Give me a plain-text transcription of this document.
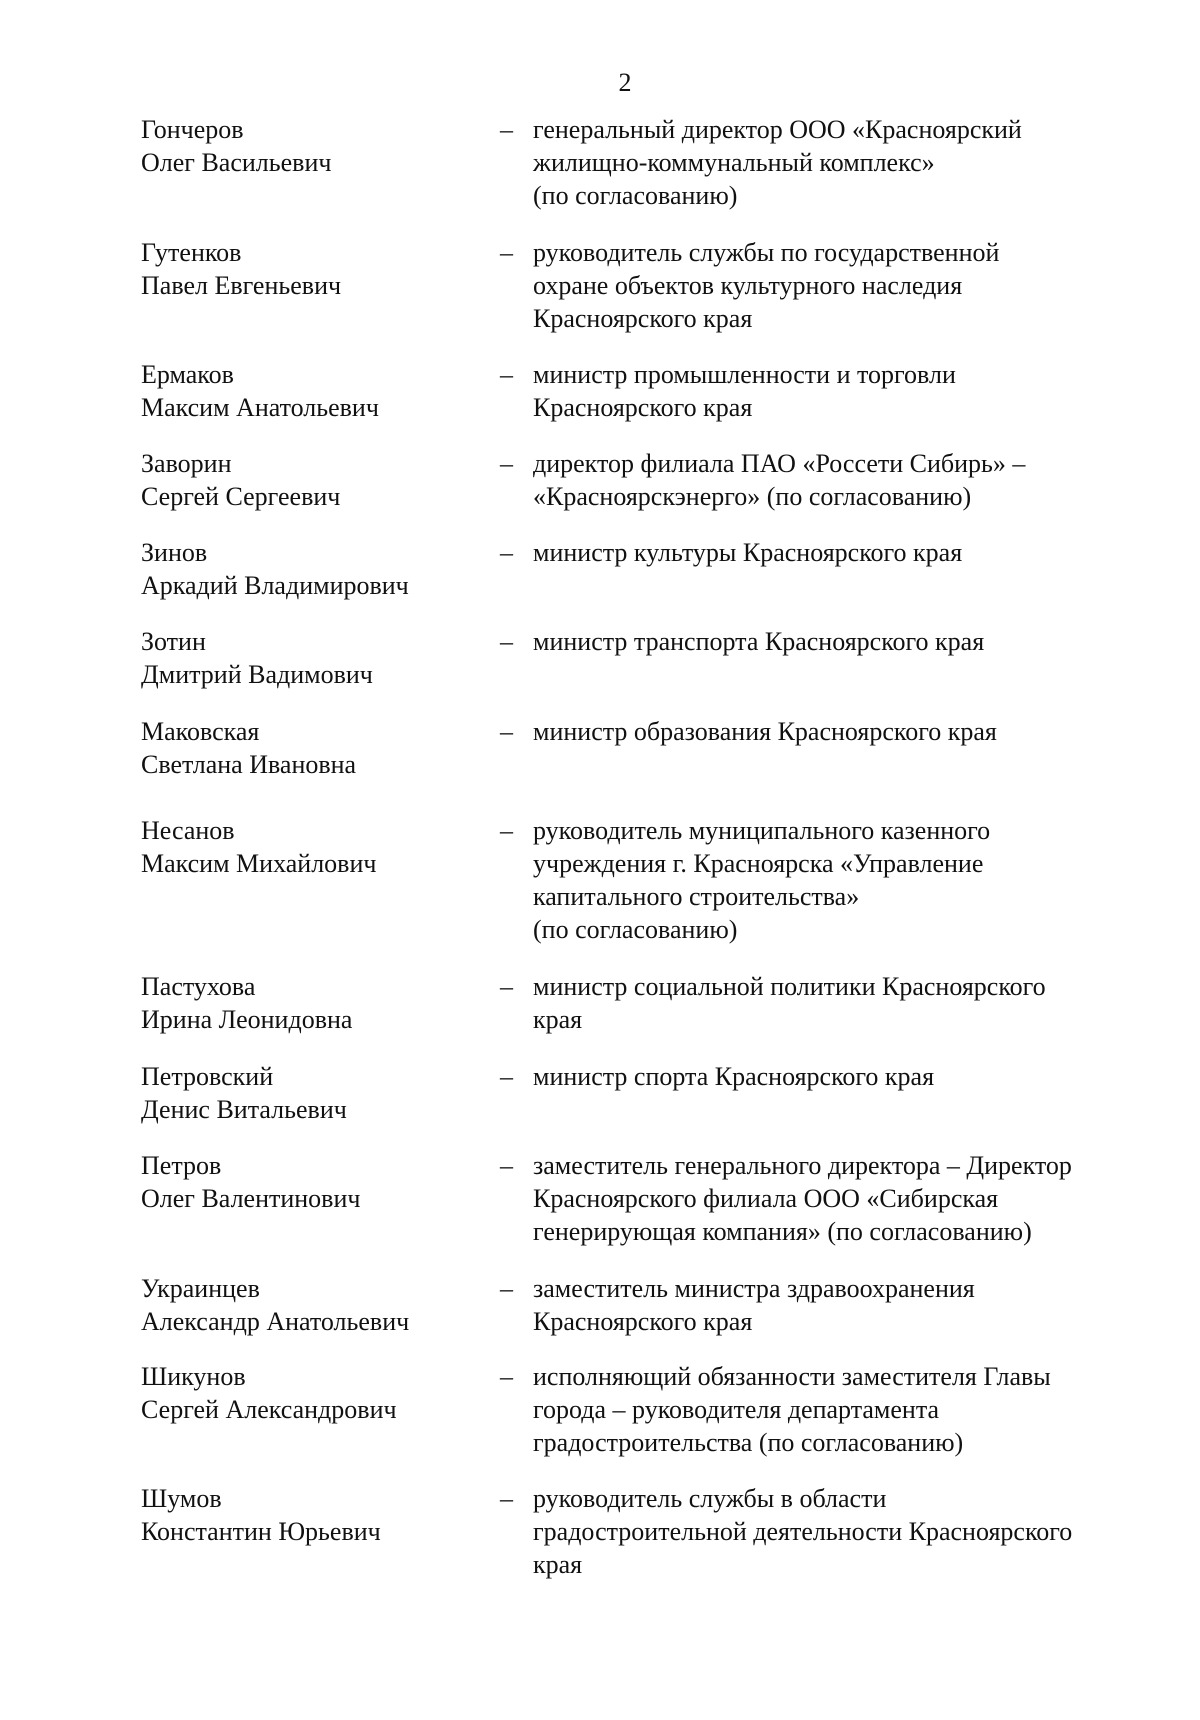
2
Гончеров
Олег Васильевич
– генеральный директор ООО «Красноярский
жилищно-коммунальный комплекс»
(по согласованию)
Гутенков
Павел Евгеньевич
– руководитель службы по государственной
охране объектов культурного наследия
Красноярского края
Ермаков
Максим Анатольевич
– министр промышленности и торговли
Красноярского края
Заворин
Сергей Сергеевич
– директор филиала ПАО «Россети Сибирь» –
«Красноярскэнерго» (по согласованию)
Зинов
Аркадий Владимирович
– министр культуры Красноярского края
Зотин
Дмитрий Вадимович
– министр транспорта Красноярского края
Маковская
Светлана Ивановна
– министр образования Красноярского края
Несанов
Максим Михайлович
– руководитель муниципального казенного
учреждения г. Красноярска «Управление
капитального строительства»
(по согласованию)
Пастухова
Ирина Леонидовна
– министр социальной политики Красноярского
края
Петровский
Денис Витальевич
– министр спорта Красноярского края
Петров
Олег Валентинович
– заместитель генерального директора – Директор
Красноярского филиала ООО «Сибирская
генерирующая компания» (по согласованию)
Украинцев
Александр Анатольевич
– заместитель министра здравоохранения
Красноярского края
Шикунов
Сергей Александрович
– исполняющий обязанности заместителя Главы
города – руководителя департамента
градостроительства (по согласованию)
Шумов
Константин Юрьевич
– руководитель службы в области
градостроительной деятельности Красноярского
края
